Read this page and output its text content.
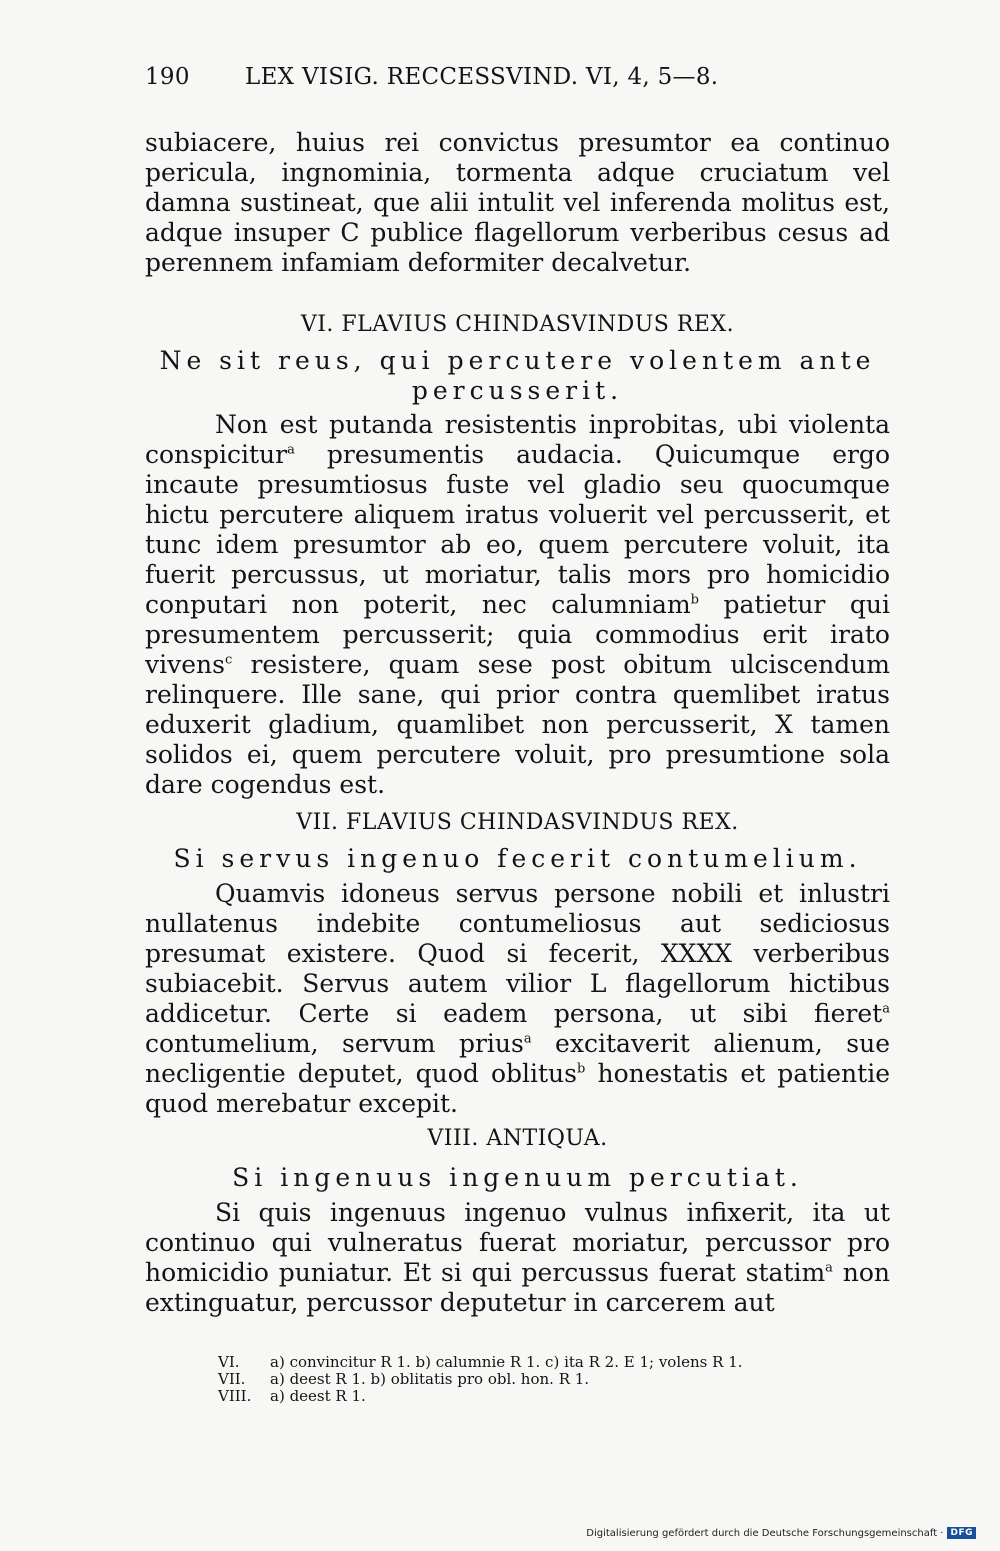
190 LEX VISIG. RECCESSVIND. VI, 4, 5—8.

subiacere, huius rei convictus presumtor ea continuo pericula, ingnominia, tormenta adque cruciatum vel damna sustineat, que alii intulit vel inferenda molitus est, adque insuper C publice flagellorum verberibus cesus ad perennem infamiam deformiter decalvetur.

VI. FLAVIUS CHINDASVINDUS REX.
Ne sit reus, qui percutere volentem ante percusserit.

Non est putanda resistentis inprobitas, ubi violenta conspicitur$^a$ presumentis audacia. Quicumque ergo incaute presumtiosus fuste vel gladio seu quocumque hictu percutere aliquem iratus voluerit vel percusserit, et tunc idem presumtor ab eo, quem percutere voluit, ita fuerit percussus, ut moriatur, talis mors pro homicidio conputari non poterit, nec calumniam$^b$ patietur qui presumentem percusserit; quia commodius erit irato vivens$^c$ resistere, quam sese post obitum ulciscendum relinquere. Ille sane, qui prior contra quemlibet iratus eduxerit gladium, quamlibet non percusserit, X tamen solidos ei, quem percutere voluit, pro presumtione sola dare cogendus est.

VII. FLAVIUS CHINDASVINDUS REX.
Si servus ingenuo fecerit contumelium.

Quamvis idoneus servus persone nobili et inlustri nullatenus indebite contumeliosus aut sediciosus presumat existere. Quod si fecerit, XXXX verberibus subiacebit. Servus autem vilior L flagellorum hictibus addicetur. Certe si eadem persona, ut sibi fieret$^a$ contumelium, servum prius$^a$ excitaverit alienum, sue necligentie deputet, quod oblitus$^b$ honestatis et patientie quod merebatur excepit.

VIII. ANTIQUA.
Si ingenuus ingenuum percutiat.

Si quis ingenuus ingenuo vulnus infixerit, ita ut continuo qui vulneratus fuerat moriatur, percussor pro homicidio puniatur. Et si qui percussus fuerat statim$^a$ non extinguatur, percussor deputetur in carcerem aut

VI. a) convincitur R 1. b) calumnie R 1. c) ita R 2. E 1; volens R 1.
VII. a) deest R 1. b) oblitatis pro obl. hon. R 1.
VIII. a) deest R 1.
Digitalisierung gefördert durch die Deutsche Forschungsgemeinschaft · DFG
